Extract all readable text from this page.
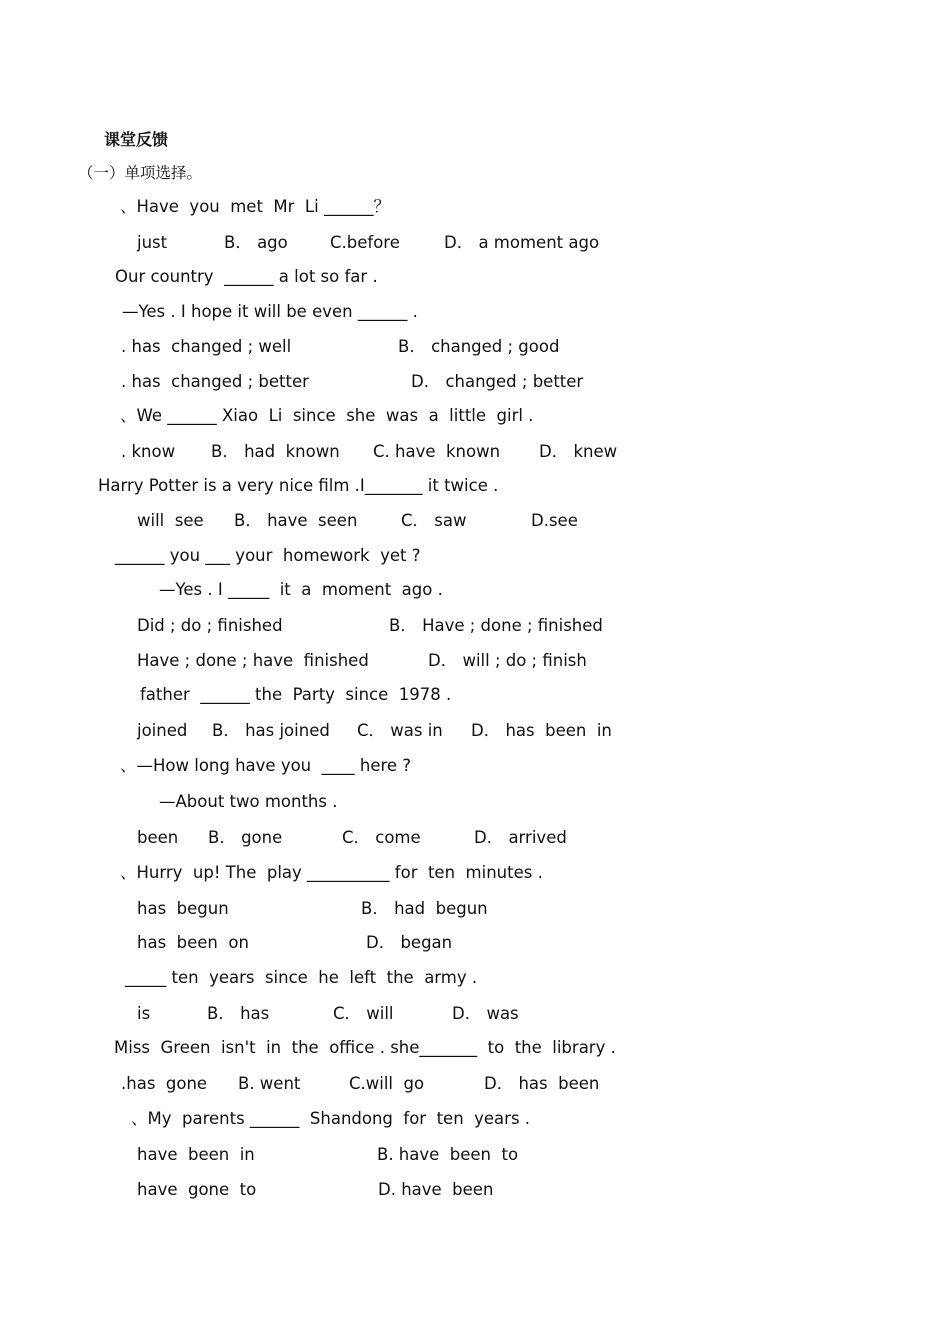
课堂反馈
（一）单项选择。
、Have  you  met  Mr  Li ______？
just	B． ago	C.before	D． a moment ago
Our country  ______ a lot so far .
—Yes . I hope it will be even ______ .
. has  changed ; well	B． changed ; good
. has  changed ; better	D． changed ; better
、We ______ Xiao  Li  since  she  was  a  little  girl .
. know B． had  known C. have  known D． knew
Harry Potter is a very nice film .I_______ it twice .
will  see B． have  seen	C． saw	D.see
______ you ___ your  homework  yet ?
—Yes . I _____  it  a  moment  ago .
Did ; do ; finished	B． Have ; done ; finished
Have ; done ; have  finished	D． will ; do ; finish
father  ______ the  Party  since  1978 .
joined B． has joined C． was in D． has  been  in
、—How long have you  ____ here ?
—About two months .
been B． gone	C． come	D． arrived
、Hurry  up! The  play __________ for  ten  minutes .
has  begun	B． had  begun
has  been  on	D． began
_____ ten  years  since  he  left  the  army .
is	B． has	C． will	D． was
Miss  Green  isn't  in  the  office . she_______  to  the  library .
.has  gone B. went	C.will  go	D． has  been
、My  parents ______  Shandong  for  ten  years .
have  been  in	B. have  been  to
have  gone  to	D. have  been
